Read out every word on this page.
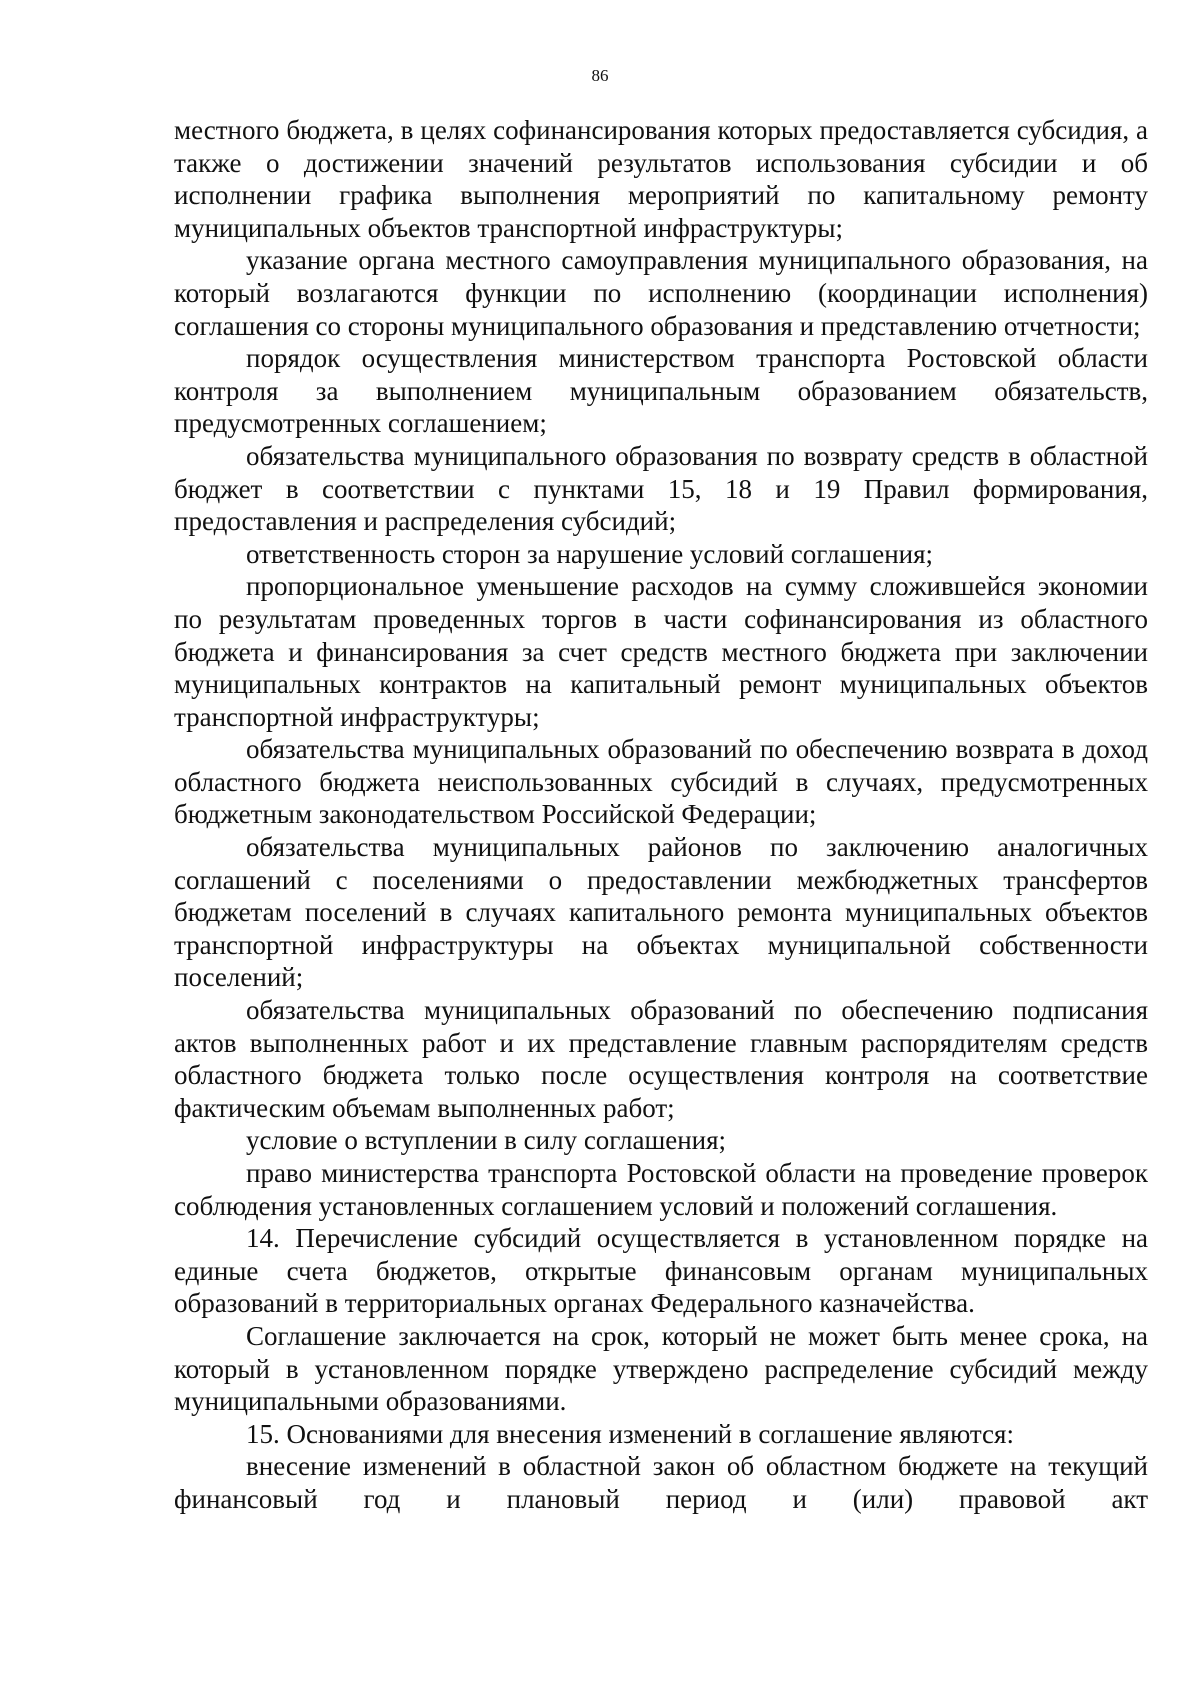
86

местного бюджета, в целях софинансирования которых предоставляется субсидия, а также о достижении значений результатов использования субсидии и об исполнении графика выполнения мероприятий по капитальному ремонту муниципальных объектов транспортной инфраструктуры;

указание органа местного самоуправления муниципального образования, на который возлагаются функции по исполнению (координации исполнения) соглашения со стороны муниципального образования и представлению отчетности;

порядок осуществления министерством транспорта Ростовской области контроля за выполнением муниципальным образованием обязательств, предусмотренных соглашением;

обязательства муниципального образования по возврату средств в областной бюджет в соответствии с пунктами 15, 18 и 19 Правил формирования, предоставления и распределения субсидий;

ответственность сторон за нарушение условий соглашения;

пропорциональное уменьшение расходов на сумму сложившейся экономии по результатам проведенных торгов в части софинансирования из областного бюджета и финансирования за счет средств местного бюджета при заключении муниципальных контрактов на капитальный ремонт муниципальных объектов транспортной инфраструктуры;

обязательства муниципальных образований по обеспечению возврата в доход областного бюджета неиспользованных субсидий в случаях, предусмотренных бюджетным законодательством Российской Федерации;

обязательства муниципальных районов по заключению аналогичных соглашений с поселениями о предоставлении межбюджетных трансфертов бюджетам поселений в случаях капитального ремонта муниципальных объектов транспортной инфраструктуры на объектах муниципальной собственности поселений;

обязательства муниципальных образований по обеспечению подписания актов выполненных работ и их представление главным распорядителям средств областного бюджета только после осуществления контроля на соответствие фактическим объемам выполненных работ;

условие о вступлении в силу соглашения;

право министерства транспорта Ростовской области на проведение проверок соблюдения установленных соглашением условий и положений соглашения.

14. Перечисление субсидий осуществляется в установленном порядке на единые счета бюджетов, открытые финансовым органам муниципальных образований в территориальных органах Федерального казначейства.

Соглашение заключается на срок, который не может быть менее срока, на который в установленном порядке утверждено распределение субсидий между муниципальными образованиями.

15. Основаниями для внесения изменений в соглашение являются:

внесение изменений в областной закон об областном бюджете на текущий финансовый год и плановый период и (или) правовой акт
